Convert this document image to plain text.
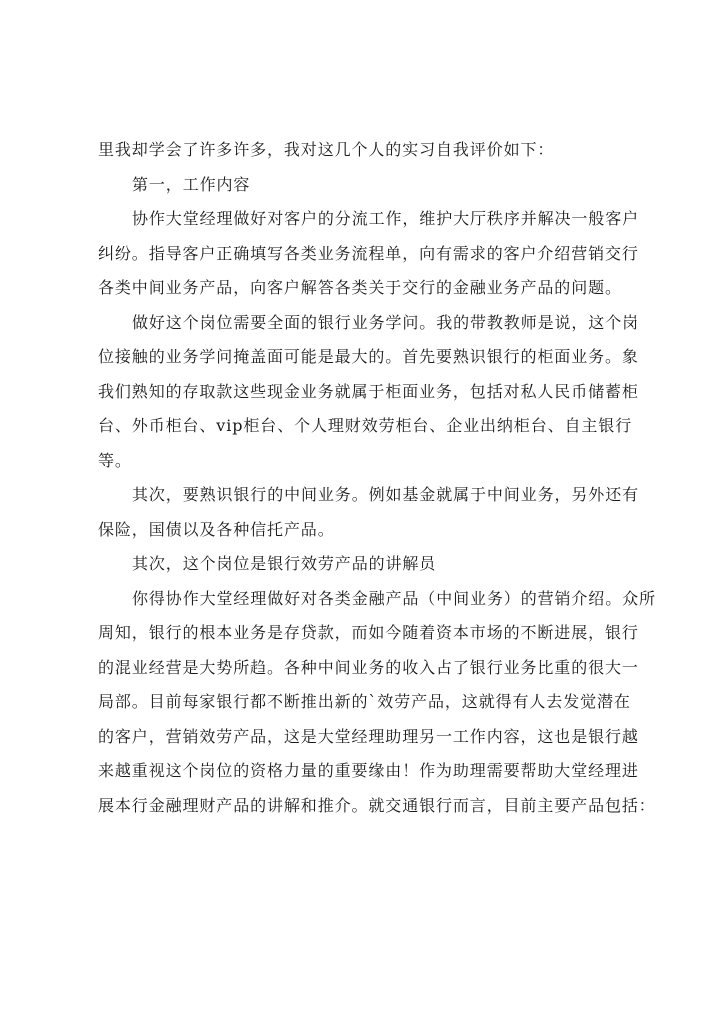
里我却学会了许多许多，我对这几个人的实习自我评价如下：
第一，工作内容
协作大堂经理做好对客户的分流工作，维护大厅秩序并解决一般客户
纠纷。指导客户正确填写各类业务流程单，向有需求的客户介绍营销交行
各类中间业务产品，向客户解答各类关于交行的金融业务产品的问题。
做好这个岗位需要全面的银行业务学问。我的带教教师是说，这个岗
位接触的业务学问掩盖面可能是最大的。首先要熟识银行的柜面业务。象
我们熟知的存取款这些现金业务就属于柜面业务，包括对私人民币储蓄柜
台、外币柜台、vip柜台、个人理财效劳柜台、企业出纳柜台、自主银行
等。
其次，要熟识银行的中间业务。例如基金就属于中间业务，另外还有
保险，国债以及各种信托产品。
其次，这个岗位是银行效劳产品的讲解员
你得协作大堂经理做好对各类金融产品（中间业务）的营销介绍。众所
周知，银行的根本业务是存贷款，而如今随着资本市场的不断进展，银行
的混业经营是大势所趋。各种中间业务的收入占了银行业务比重的很大一
局部。目前每家银行都不断推出新的`效劳产品，这就得有人去发觉潜在
的客户，营销效劳产品，这是大堂经理助理另一工作内容，这也是银行越
来越重视这个岗位的资格力量的重要缘由！作为助理需要帮助大堂经理进
展本行金融理财产品的讲解和推介。就交通银行而言，目前主要产品包括：
